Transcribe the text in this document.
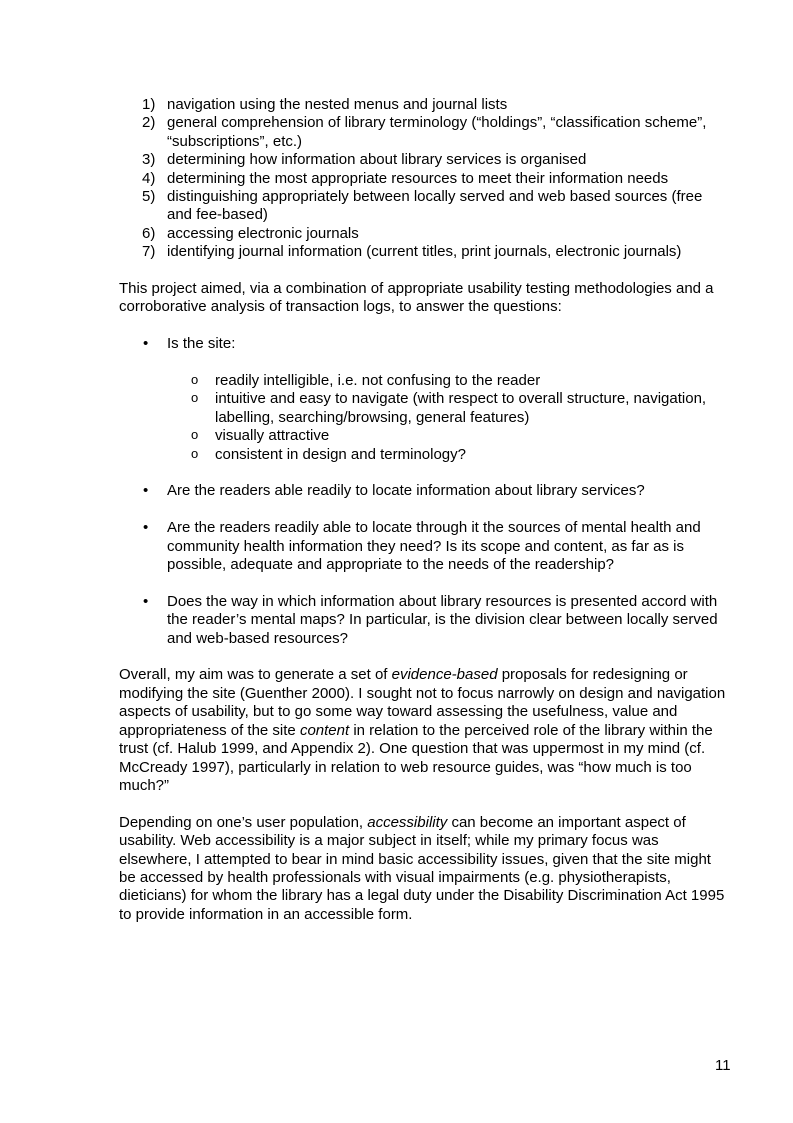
1) navigation using the nested menus and journal lists
2) general comprehension of library terminology (“holdings”, “classification scheme”, “subscriptions”, etc.)
3) determining how information about library services is organised
4) determining the most appropriate resources to meet their information needs
5) distinguishing appropriately between locally served and web based sources (free and fee-based)
6) accessing electronic journals
7) identifying journal information (current titles, print journals, electronic journals)

This project aimed, via a combination of appropriate usability testing methodologies and a corroborative analysis of transaction logs, to answer the questions:

• Is the site:
o readily intelligible, i.e. not confusing to the reader
o intuitive and easy to navigate (with respect to overall structure, navigation, labelling, searching/browsing, general features)
o visually attractive
o consistent in design and terminology?
• Are the readers able readily to locate information about library services?
• Are the readers readily able to locate through it the sources of mental health and community health information they need? Is its scope and content, as far as is possible, adequate and appropriate to the needs of the readership?
• Does the way in which information about library resources is presented accord with the reader’s mental maps? In particular, is the division clear between locally served and web-based resources?

Overall, my aim was to generate a set of evidence-based proposals for redesigning or modifying the site (Guenther 2000). I sought not to focus narrowly on design and navigation aspects of usability, but to go some way toward assessing the usefulness, value and appropriateness of the site content in relation to the perceived role of the library within the trust (cf. Halub 1999, and Appendix 2). One question that was uppermost in my mind (cf. McCready 1997), particularly in relation to web resource guides, was “how much is too much?”

Depending on one’s user population, accessibility can become an important aspect of usability. Web accessibility is a major subject in itself; while my primary focus was elsewhere, I attempted to bear in mind basic accessibility issues, given that the site might be accessed by health professionals with visual impairments (e.g. physiotherapists, dieticians) for whom the library has a legal duty under the Disability Discrimination Act 1995 to provide information in an accessible form.

11
